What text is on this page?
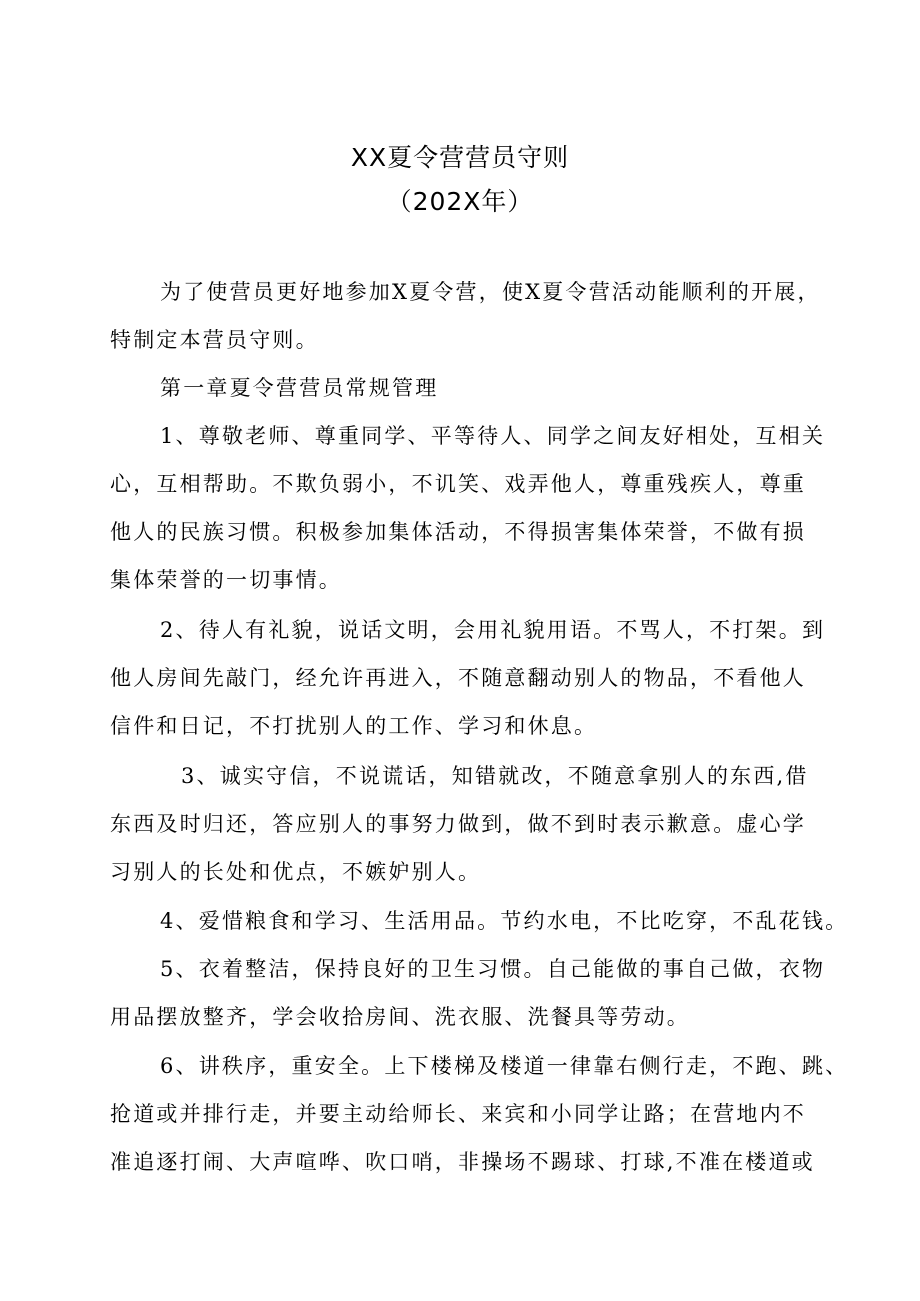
XX夏令营营员守则
（202X年）
为了使营员更好地参加X夏令营，使X夏令营活动能顺利的开展，
特制定本营员守则。
第一章夏令营营员常规管理
1、尊敬老师、尊重同学、平等待人、同学之间友好相处，互相关
心，互相帮助。不欺负弱小，不讥笑、戏弄他人，尊重残疾人，尊重
他人的民族习惯。积极参加集体活动，不得损害集体荣誉，不做有损
集体荣誉的一切事情。
2、待人有礼貌，说话文明，会用礼貌用语。不骂人，不打架。到
他人房间先敲门，经允许再进入，不随意翻动别人的物品，不看他人
信件和日记，不打扰别人的工作、学习和休息。
3、诚实守信，不说谎话，知错就改，不随意拿别人的东西,借
东西及时归还，答应别人的事努力做到，做不到时表示歉意。虚心学
习别人的长处和优点，不嫉妒别人。
4、爱惜粮食和学习、生活用品。节约水电，不比吃穿，不乱花钱。
5、衣着整洁，保持良好的卫生习惯。自己能做的事自己做，衣物
用品摆放整齐，学会收拾房间、洗衣服、洗餐具等劳动。
6、讲秩序，重安全。上下楼梯及楼道一律靠右侧行走，不跑、跳、
抢道或并排行走，并要主动给师长、来宾和小同学让路；在营地内不
准追逐打闹、大声喧哗、吹口哨，非操场不踢球、打球,不准在楼道或
